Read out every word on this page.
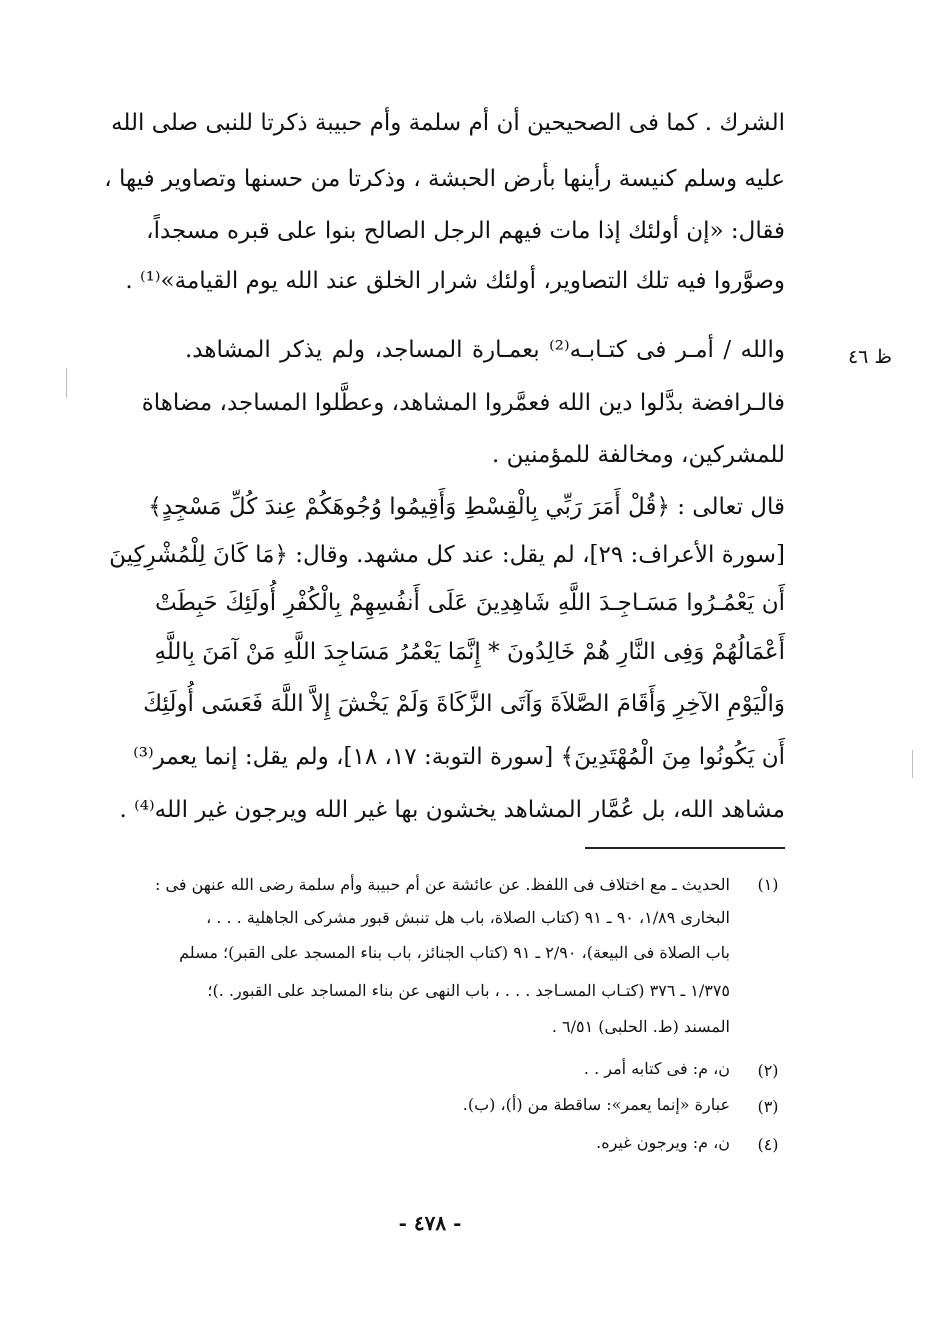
الشرك . كما فى الصحيحين أن أم سلمة وأم حبيبة ذكرتا للنبى صلى الله
عليه وسلم كنيسة رأينها بأرض الحبشة ، وذكرتا من حسنها وتصاوير فيها ،
فقال: «إن أولئك إذا مات فيهم الرجل الصالح بنوا على قبره مسجداً،
وصوَّروا فيه تلك التصاوير، أولئك شرار الخلق عند الله يوم القيامة»⁽¹⁾ .
ظ ٤٦
والله / أمـر فى كتـابـه⁽²⁾ بعمـارة المساجد، ولم يذكر المشاهد.
فالـرافضة بدَّلوا دين الله فعمَّروا المشاهد، وعطَّلوا المساجد، مضاهاة
للمشركين، ومخالفة للمؤمنين .
قال تعالى : ﴿قُلْ أَمَرَ رَبِّي بِالْقِسْطِ وَأَقِيمُوا وُجُوهَكُمْ عِندَ كُلِّ مَسْجِدٍ﴾
[سورة الأعراف: ٢٩]، لم يقل: عند كل مشهد. وقال: ﴿مَا كَانَ لِلْمُشْرِكِينَ
أَن يَعْمُـرُوا مَسَـاجِـدَ اللَّهِ شَاهِدِينَ عَلَى أَنفُسِهِمْ بِالْكُفْرِ أُولَئِكَ حَبِطَتْ
أَعْمَالُهُمْ وَفِى النَّارِ هُمْ خَالِدُونَ * إِنَّمَا يَعْمُرُ مَسَاجِدَ اللَّهِ مَنْ آمَنَ بِاللَّهِ
وَالْيَوْمِ الآخِرِ وَأَقَامَ الصَّلاَةَ وَآتَى الزَّكَاةَ وَلَمْ يَخْشَ إِلاَّ اللَّهَ فَعَسَى أُولَئِكَ
أَن يَكُونُوا مِنَ الْمُهْتَدِينَ﴾ [سورة التوبة: ١٧، ١٨]، ولم يقل: إنما يعمر⁽³⁾
مشاهد الله، بل عُمَّار المشاهد يخشون بها غير الله ويرجون غير الله⁽⁴⁾ .
(١)
الحديث ـ مع اختلاف فى اللفظ. عن عائشة عن أم حبيبة وأم سلمة رضى الله عنهن فى :
البخارى ١/٨٩، ٩٠ ـ ٩١ (كتاب الصلاة، باب هل تنبش قبور مشركى الجاهلية . . . ،
باب الصلاة فى البيعة)، ٢/٩٠ ـ ٩١ (كتاب الجنائز، باب بناء المسجد على القبر)؛ مسلم
١/٣٧٥ ـ ٣٧٦ (كتـاب المسـاجد . . . ، باب النهى عن بناء المساجد على القبور. .)؛
المسند (ط. الحلبى) ٦/٥١ .
(٢)
ن، م: فى كتابه أمر . .
(٣)
عبارة «إنما يعمر»: ساقطة من (أ)، (ب).
(٤)
ن، م: ويرجون غيره.
- ٤٧٨ -
